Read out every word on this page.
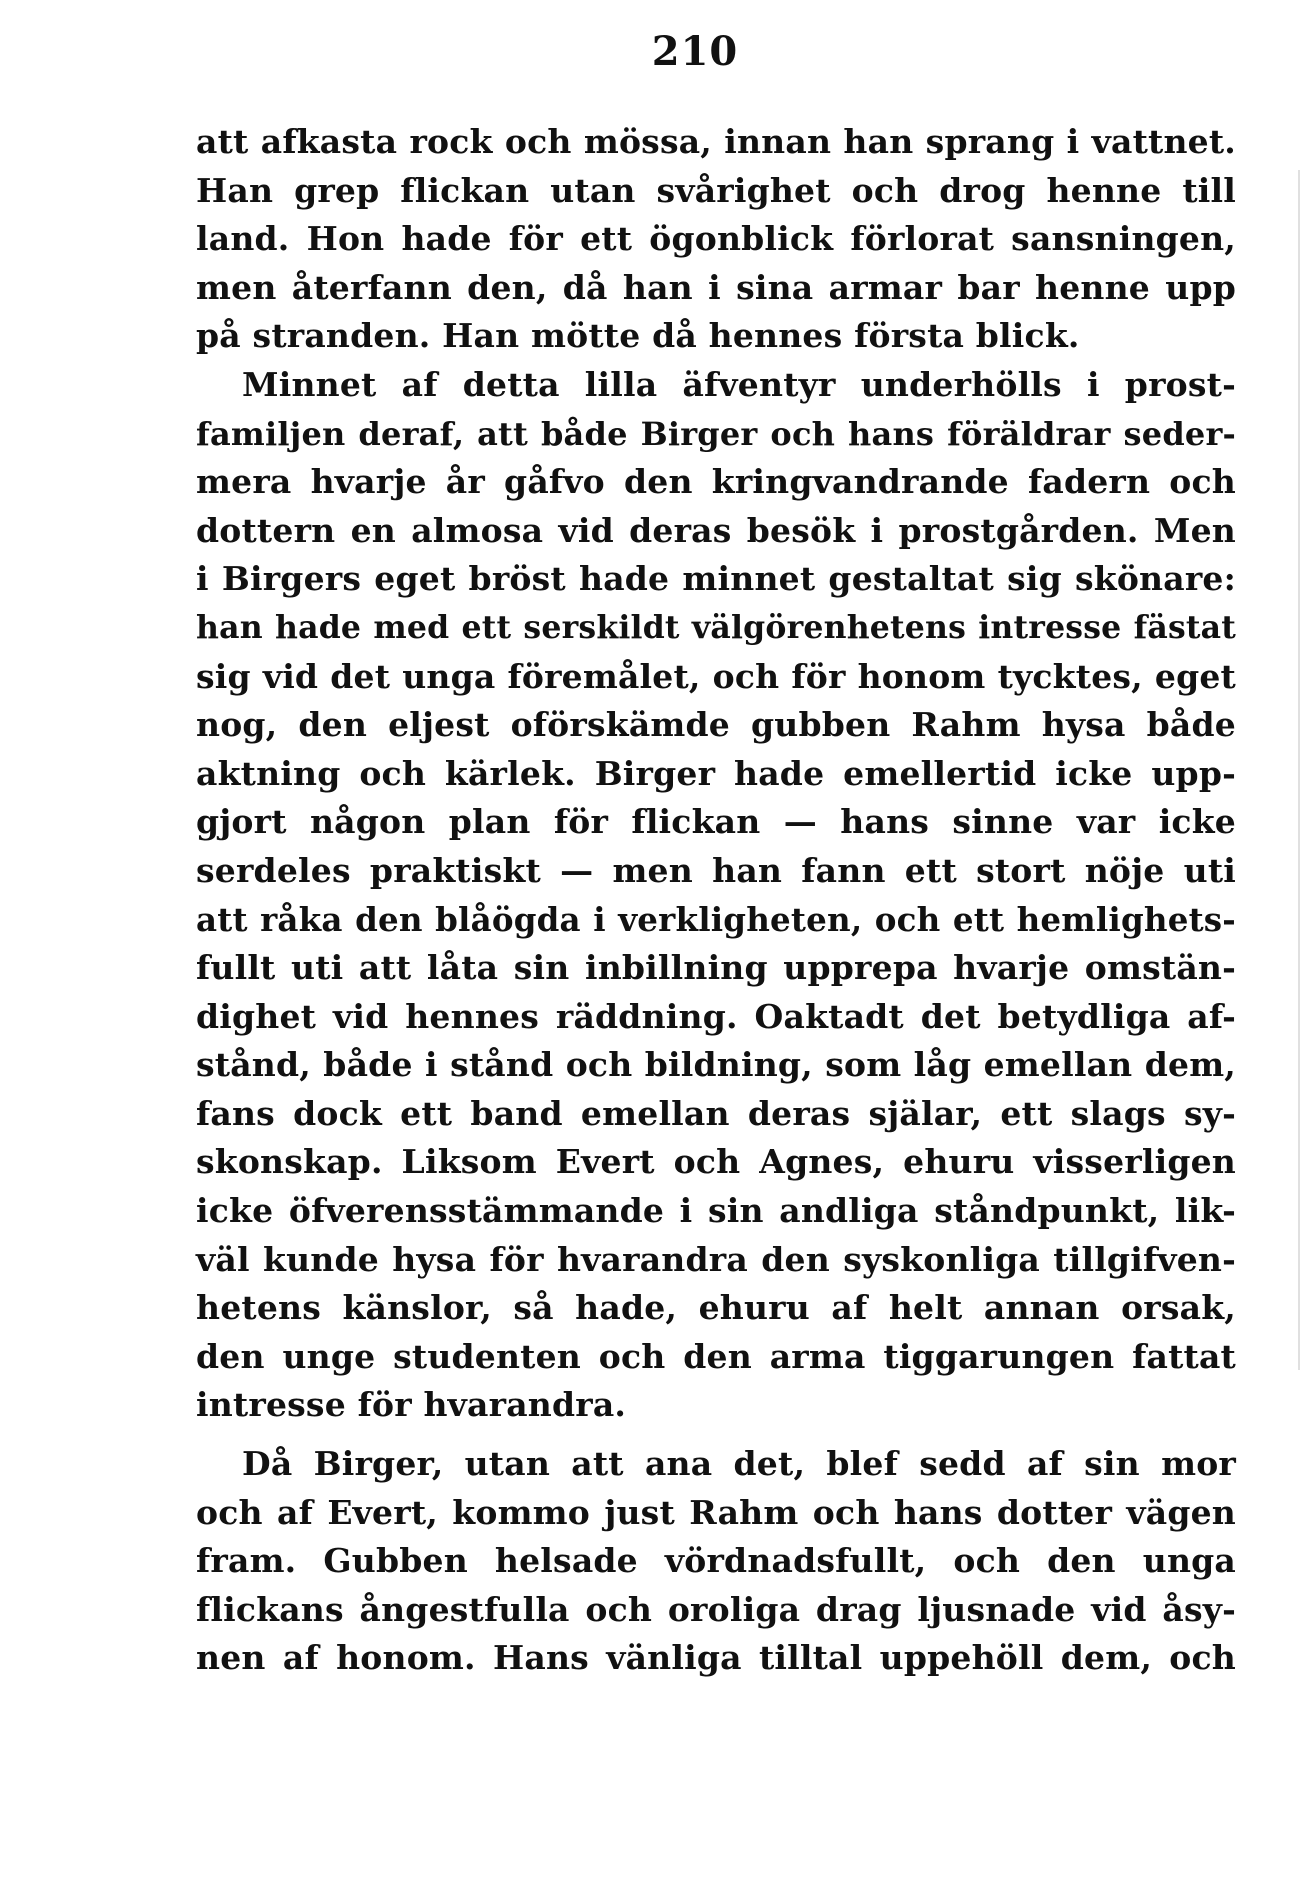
210
att afkasta rock och mössa, innan han sprang i vattnet.
Han grep flickan utan svårighet och drog henne till
land. Hon hade för ett ögonblick förlorat sansningen,
men återfann den, då han i sina armar bar henne upp
på stranden. Han mötte då hennes första blick.
Minnet af detta lilla äfventyr underhölls i prost-
familjen deraf, att både Birger och hans föräldrar seder-
mera hvarje år gåfvo den kringvandrande fadern och
dottern en almosa vid deras besök i prostgården. Men
i Birgers eget bröst hade minnet gestaltat sig skönare:
han hade med ett serskildt välgörenhetens intresse fästat
sig vid det unga föremålet, och för honom tycktes, eget
nog, den eljest oförskämde gubben Rahm hysa både
aktning och kärlek. Birger hade emellertid icke upp-
gjort någon plan för flickan — hans sinne var icke
serdeles praktiskt — men han fann ett stort nöje uti
att råka den blåögda i verkligheten, och ett hemlighets-
fullt uti att låta sin inbillning upprepa hvarje omstän-
dighet vid hennes räddning. Oaktadt det betydliga af-
stånd, både i stånd och bildning, som låg emellan dem,
fans dock ett band emellan deras själar, ett slags sy-
skonskap. Liksom Evert och Agnes, ehuru visserligen
icke öfverensstämmande i sin andliga ståndpunkt, lik-
väl kunde hysa för hvarandra den syskonliga tillgifven-
hetens känslor, så hade, ehuru af helt annan orsak,
den unge studenten och den arma tiggarungen fattat
intresse för hvarandra.
Då Birger, utan att ana det, blef sedd af sin mor
och af Evert, kommo just Rahm och hans dotter vägen
fram. Gubben helsade vördnadsfullt, och den unga
flickans ångestfulla och oroliga drag ljusnade vid åsy-
nen af honom. Hans vänliga tilltal uppehöll dem, och
